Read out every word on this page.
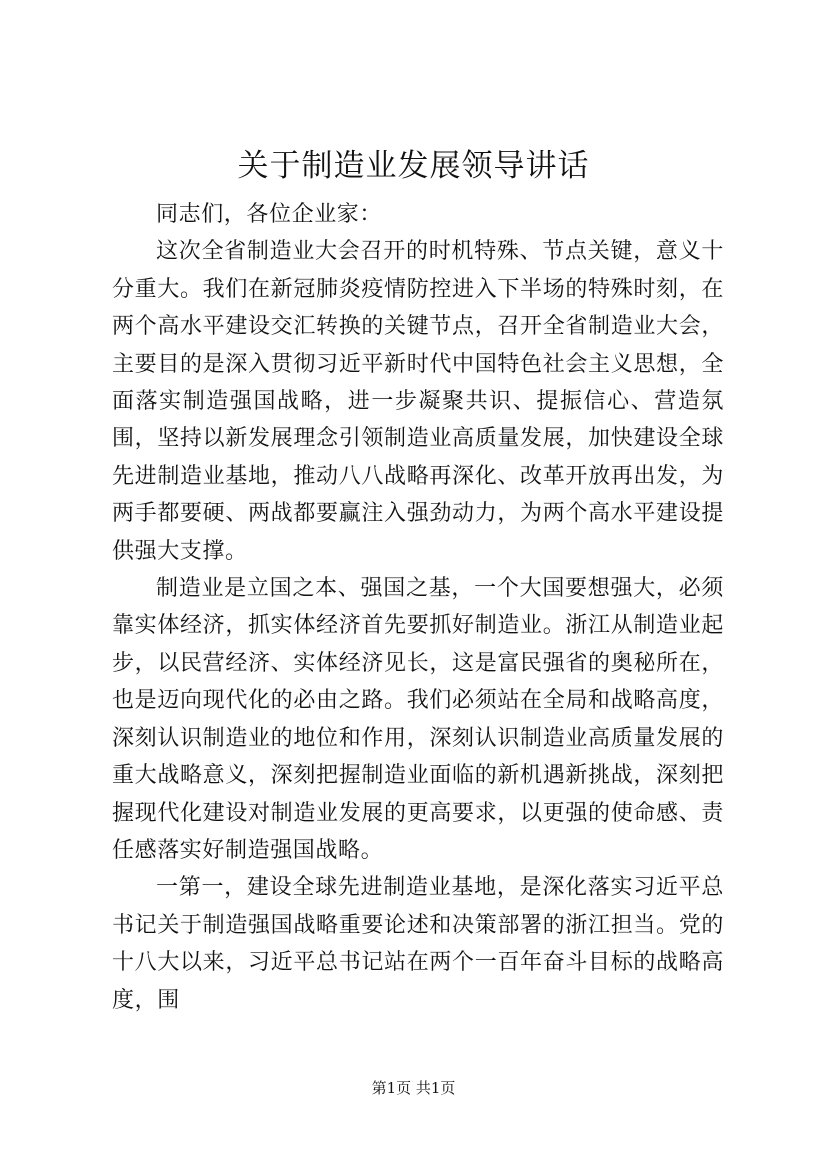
关于制造业发展领导讲话

同志们，各位企业家：

这次全省制造业大会召开的时机特殊、节点关键，意义十分重大。我们在新冠肺炎疫情防控进入下半场的特殊时刻，在两个高水平建设交汇转换的关键节点，召开全省制造业大会，主要目的是深入贯彻习近平新时代中国特色社会主义思想，全面落实制造强国战略，进一步凝聚共识、提振信心、营造氛围，坚持以新发展理念引领制造业高质量发展，加快建设全球先进制造业基地，推动八八战略再深化、改革开放再出发，为两手都要硬、两战都要赢注入强劲动力，为两个高水平建设提供强大支撑。

制造业是立国之本、强国之基，一个大国要想强大，必须靠实体经济，抓实体经济首先要抓好制造业。浙江从制造业起步，以民营经济、实体经济见长，这是富民强省的奥秘所在，也是迈向现代化的必由之路。我们必须站在全局和战略高度，深刻认识制造业的地位和作用，深刻认识制造业高质量发展的重大战略意义，深刻把握制造业面临的新机遇新挑战，深刻把握现代化建设对制造业发展的更高要求，以更强的使命感、责任感落实好制造强国战略。

一第一，建设全球先进制造业基地，是深化落实习近平总书记关于制造强国战略重要论述和决策部署的浙江担当。党的十八大以来，习近平总书记站在两个一百年奋斗目标的战略高度，围

第1页 共1页
